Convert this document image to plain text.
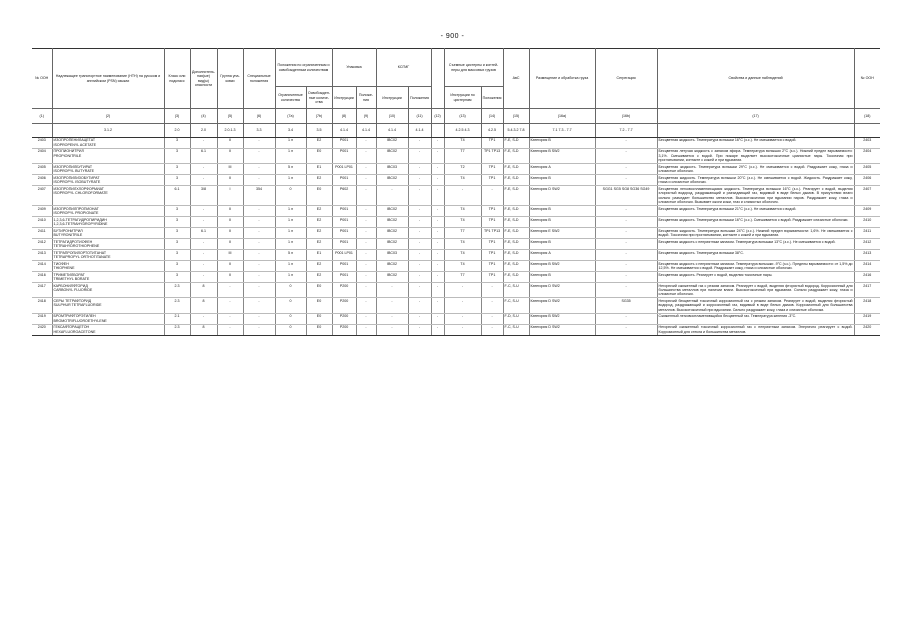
- 900 -
№ ООН	Надлежащее транспортное наименование (НТН) на русском и английском (PSN) языках	Класс или подкласс	Дополнительная(ые) вид(ы) опасности	Группа упаковки	Специальные положения	Положения по ограниченным и освобожденным количествам		Упаковка		КСГМГ			Съемные цистерны и контейнеры для массовых грузов		АвС	Размещение и обработка груза	Сегрегация	Свойства и данные наблюдений	№ ООН
						Ограниченные количества	Освобожденные количества	Инструкции	Положения	Инструкции	Положения		Инструкции по цистернам	Положения					
(1)	(2)	(3)	(4)	(5)	(6)	(7a)	(7b)	(8)	(9)	(10)	(11)	(12)	(13)	(14)	(15)	(16a)	(16b)	(17)	(18)
	3.1.2	2.0	2.0	2.0.1.3	3.3	3.4	3.5	4.1.4	4.1.4	4.1.4	4.1.4		4.2.5 4.3	4.2.5	5.4.3.2 7.8	7.1 7.3 - 7.7	7.2 - 7.7		
2403	ИЗОПРОПЕНИЛАЦЕТАТ
ISOPROPENYL ACETATE	3	-	II	-	1 л	E2	P001	-	IBC02	-	-	T4	TP1	F-E, S-D	Категория B	-	Бесцветная жидкость. Температура вспышки 16°C (з.с.). Не смешивается с водой.	2403
2404	ПРОПИОНИТРИЛ
PROPIONITRILE	3	6.1	II	-	1 л	E0	P001	-	IBC02	-	-	T7	TP1 TP13	F-E, S-D	Категория B SW2	-	Бесцветная летучая жидкость с запахом эфира. Температура вспышки 2°C (з.с.). Нижний предел взрываемости: 3,1%. Смешивается с водой. При пожаре выделяет высокотоксичные цианистые пары. Токсичная при проглатывании, контакте с кожей и при вдыхании.	2404
2405	ИЗОПРОПИЛБУТИРАТ
ISOPROPYL BUTYRATE	3	-	III	-	5 л	E1	P001 LP01	-	IBC03	-	-	T2	TP1	F-E, S-D	Категория A	-	Бесцветная жидкость. Температура вспышки 29°C (з.с.). Не смешивается с водой. Раздражает кожу, глаза и слизистые оболочки.	2405
2406	ИЗОПРОПИЛИЗОБУТИРАТ
ISOPROPYL ISOBUTYRATE	3	-	II	-	1 л	E2	P001	-	IBC02	-	-	T4	TP1	F-E, S-D	Категория B	-	Бесцветная жидкость. Температура вспышки 20°C (з.с.). Не смешивается с водой. Жидкость. Раздражает кожу, глаза и слизистые оболочки.	2406
2407	ИЗОПРОПИЛХЛОРФОРМИАТ
ISOPROPYL CHLOROFORMATE	6.1	3/8	I	354	0	E0	P602	-	-	-	-	-	-	F-E, S-D	Категория D SW2	SGG1 SG5 SG8 SG36 SG49	Бесцветная легковоспламеняющаяся жидкость. Температура вспышки 16°C (з.с.). Реагирует с водой, выделяя хлористый водород, раздражающий и разъедающий газ, видимый в виде белых дымов. В присутствии влаги сильно разъедает большинство металлов. Высокотоксичная при вдыхании паров. Раздражает кожу, глаза и слизистые оболочки. Вызывает ожоги кожи, глаз и слизистых оболочек.	2407
2409	ИЗОПРОПИЛПРОПИОНАТ
ISOPROPYL PROPIONATE	3	-	II	-	1 л	E2	P001	-	IBC02	-	-	T4	TP1	F-E, S-D	Категория B	-	Бесцветная жидкость. Температура вспышки 21°C (з.с.). Не смешивается с водой.	2409
2410	1,2,3,6-ТЕТРАГИДРОПИРИДИН
1,2,3,6-TETRAHYDROPYRIDINE	3	-	II	-	1 л	E2	P001	-	IBC02	-	-	T4	TP1	F-E, S-D	Категория B	-	Бесцветная жидкость. Температура вспышки 16°C (з.с.). Смешивается с водой. Раздражает слизистые оболочки.	2410
2411	БУТИРОНИТРИЛ
BUTYRONITRILE	3	6.1	II	-	1 л	E2	P001	-	IBC02	-	-	T7	TP1 TP13	F-E, S-D	Категория E SW2	-	Бесцветная жидкость. Температура вспышки 24°C (з.с.). Нижний предел взрываемости: 1,6%. Не смешивается с водой. Токсичная при проглатывании, контакте с кожей и при вдыхании.	2411
2412	ТЕТРАГИДРОТИОФЕН
TETRAHYDROTHIOPHENE	3	-	II	-	1 л	E2	P001	-	IBC02	-	-	T4	TP1	F-E, S-D	Категория B	-	Бесцветная жидкость с неприятным запахом. Температура вспышки 13°C (з.с.). Не смешивается с водой.	2412
2413	ТЕТРАПРОПИЛОРТОТИТАНАТ
TETRAPROPYL ORTHOTITANATE	3	-	III	-	5 л	E1	P001 LP01	-	IBC03	-	-	T4	TP1	F-E, S-D	Категория A	-	Бесцветная жидкость. Температура вспышки 38°C.	2413
2414	ТИОФЕН
THIOPHENE	3	-	II	-	1 л	E2	P001	-	IBC02	-	-	T4	TP1	F-E, S-D	Категория B SW2	-	Бесцветная жидкость с неприятным запахом. Температура вспышки -9°C (з.с.). Пределы взрываемости: от 1,5% до 12,5%. Не смешивается с водой. Раздражает кожу, глаза и слизистые оболочки.	2414
2416	ТРИМЕТИЛБОРАТ
TRIMETHYL BORATE	3	-	II	-	1 л	E2	P001	-	IBC02	-	-	T7	TP1	F-E, S-D	Категория B	-	Бесцветная жидкость. Реагирует с водой, выделяя токсичные пары.	2416
2417	КАРБОНИЛФТОРИД
CARBONYL FLUORIDE	2.3	8	-	-	0	E0	P200	-	-	-	-	-	-	F-C, S-U	Категория D SW2	-	Негорючий сжиженный газ с резким запахом. Реагирует с водой, выделяя фтористый водород. Коррозионный для большинства металлов при наличии влаги. Высокотоксичный при вдыхании. Сильно раздражает кожу, глаза и слизистые оболочки.	2417
2418	СЕРЫ ТЕТРАФТОРИД
SULPHUR TETRAFLUORIDE	2.3	8	-	-	0	E0	P200	-	-	-	-	-	-	F-C, S-U	Категория D SW2	SG35	Негорючий бесцветный токсичный коррозионный газ с резким запахом. Реагирует с водой, выделяя фтористый водород, раздражающий и коррозионный газ, видимый в виде белых дымов. Коррозионный для большинства металлов. Высокотоксичный при вдыхании. Сильно раздражает кожу, глаза и слизистые оболочки.	2418
2419	БРОМТРИФТОРЭТИЛЕН
BROMOTRIFLUOROETHYLENE	2.1	-	-	-	0	E0	P200	-	-	-	-	-	-	F-D, S-U	Категория B SW2	-	Сжиженный легковоспламеняющийся бесцветный газ. Температура кипения -3°C.	2419
2420	ГЕКСАФТОРАЦЕТОН
HEXAFLUOROACETONE	2.3	8	-	-	0	E0	P200	-	-	-	-	-	-	F-C, S-U	Категория D SW2	-	Негорючий сжиженный токсичный коррозионный газ с неприятным запахом. Энергично реагирует с водой. Коррозионный для стекла и большинства металлов.	2420
